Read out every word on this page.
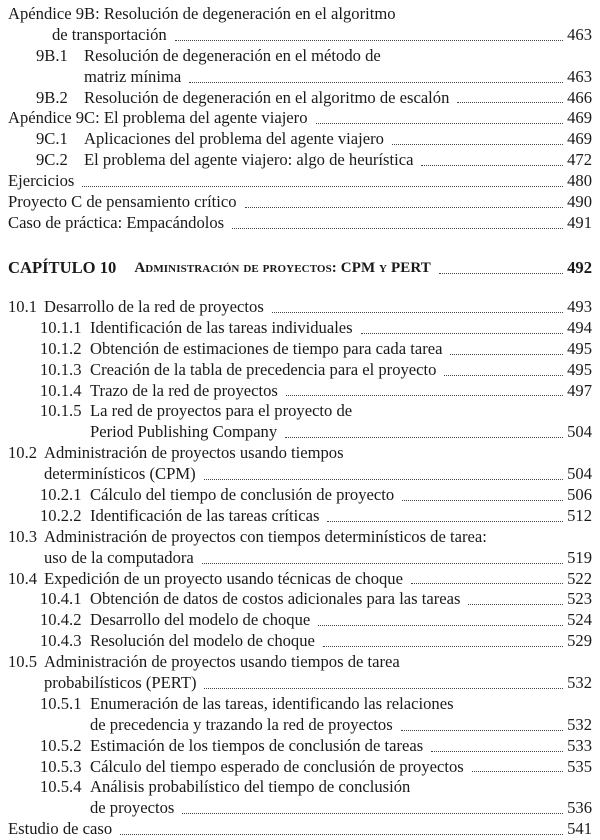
Apéndice 9B: Resolución de degeneración en el algoritmo
de transportación	463
9B.1 Resolución de degeneración en el método de
matriz mínima	463
9B.2 Resolución de degeneración en el algoritmo de escalón	466
Apéndice 9C: El problema del agente viajero	469
9C.1 Aplicaciones del problema del agente viajero	469
9C.2 El problema del agente viajero: algo de heurística	472
Ejercicios	480
Proyecto C de pensamiento crítico	490
Caso de práctica: Empacándolos	491
CAPÍTULO 10 Administración de proyectos: CPM y PERT	492
10.1 Desarrollo de la red de proyectos	493
10.1.1 Identificación de las tareas individuales	494
10.1.2 Obtención de estimaciones de tiempo para cada tarea	495
10.1.3 Creación de la tabla de precedencia para el proyecto	495
10.1.4 Trazo de la red de proyectos	497
10.1.5 La red de proyectos para el proyecto de
Period Publishing Company	504
10.2 Administración de proyectos usando tiempos
determinísticos (CPM)	504
10.2.1 Cálculo del tiempo de conclusión de proyecto	506
10.2.2 Identificación de las tareas críticas	512
10.3 Administración de proyectos con tiempos determinísticos de tarea:
uso de la computadora	519
10.4 Expedición de un proyecto usando técnicas de choque	522
10.4.1 Obtención de datos de costos adicionales para las tareas	523
10.4.2 Desarrollo del modelo de choque	524
10.4.3 Resolución del modelo de choque	529
10.5 Administración de proyectos usando tiempos de tarea
probabilísticos (PERT)	532
10.5.1 Enumeración de las tareas, identificando las relaciones
de precedencia y trazando la red de proyectos	532
10.5.2 Estimación de los tiempos de conclusión de tareas	533
10.5.3 Cálculo del tiempo esperado de conclusión de proyectos	535
10.5.4 Análisis probabilístico del tiempo de conclusión
de proyectos	536
Estudio de caso	541
